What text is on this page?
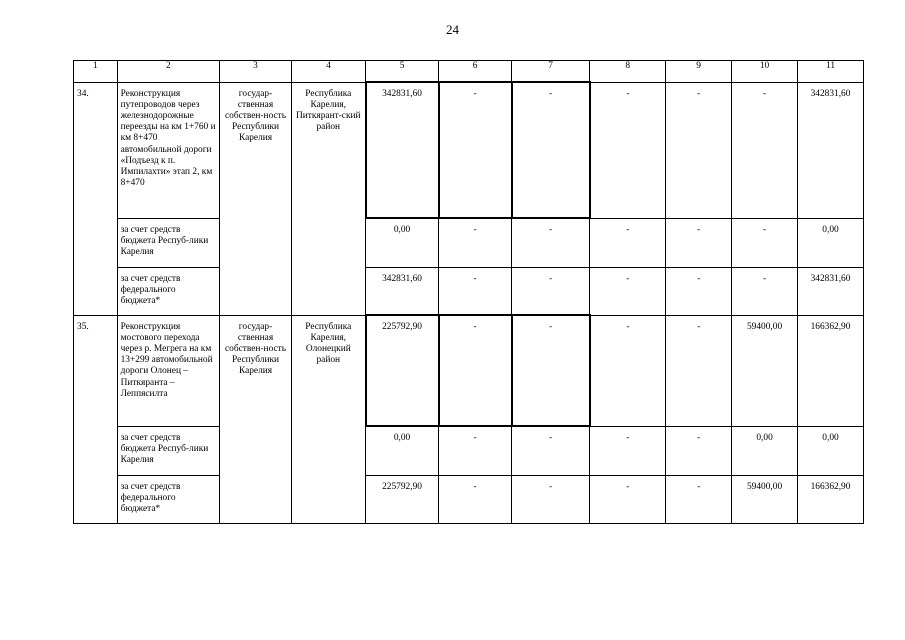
24
1	2	3	4	5	6	7	8	9	10	11
34.	Реконструкция путепроводов через железнодорожные переезды на км 1+760 и км 8+470 автомобильной дороги «Подъезд к п. Импилахти» этап 2, км 8+470	государ-ственная собствен-ность Республики Карелия	Республика Карелия, Питкярант-ский район	342831,60	-	-	-	-	-	342831,60
	за счет средств бюджета Респуб-лики Карелия			0,00	-	-	-	-	-	0,00
	за счет средств федерального бюджета*			342831,60	-	-	-	-	-	342831,60
35.	Реконструкция мостового перехода через р. Мегрега на км 13+299 автомобильной дороги Олонец – Питкяранта – Леппясилта	государ-ственная собствен-ность Республики Карелия	Республика Карелия, Олонецкий район	225792,90	-	-	-	-	59400,00	166362,90
	за счет средств бюджета Респуб-лики Карелия			0,00	-	-	-	-	0,00	0,00
	за счет средств федерального бюджета*			225792,90	-	-	-	-	59400,00	166362,90
